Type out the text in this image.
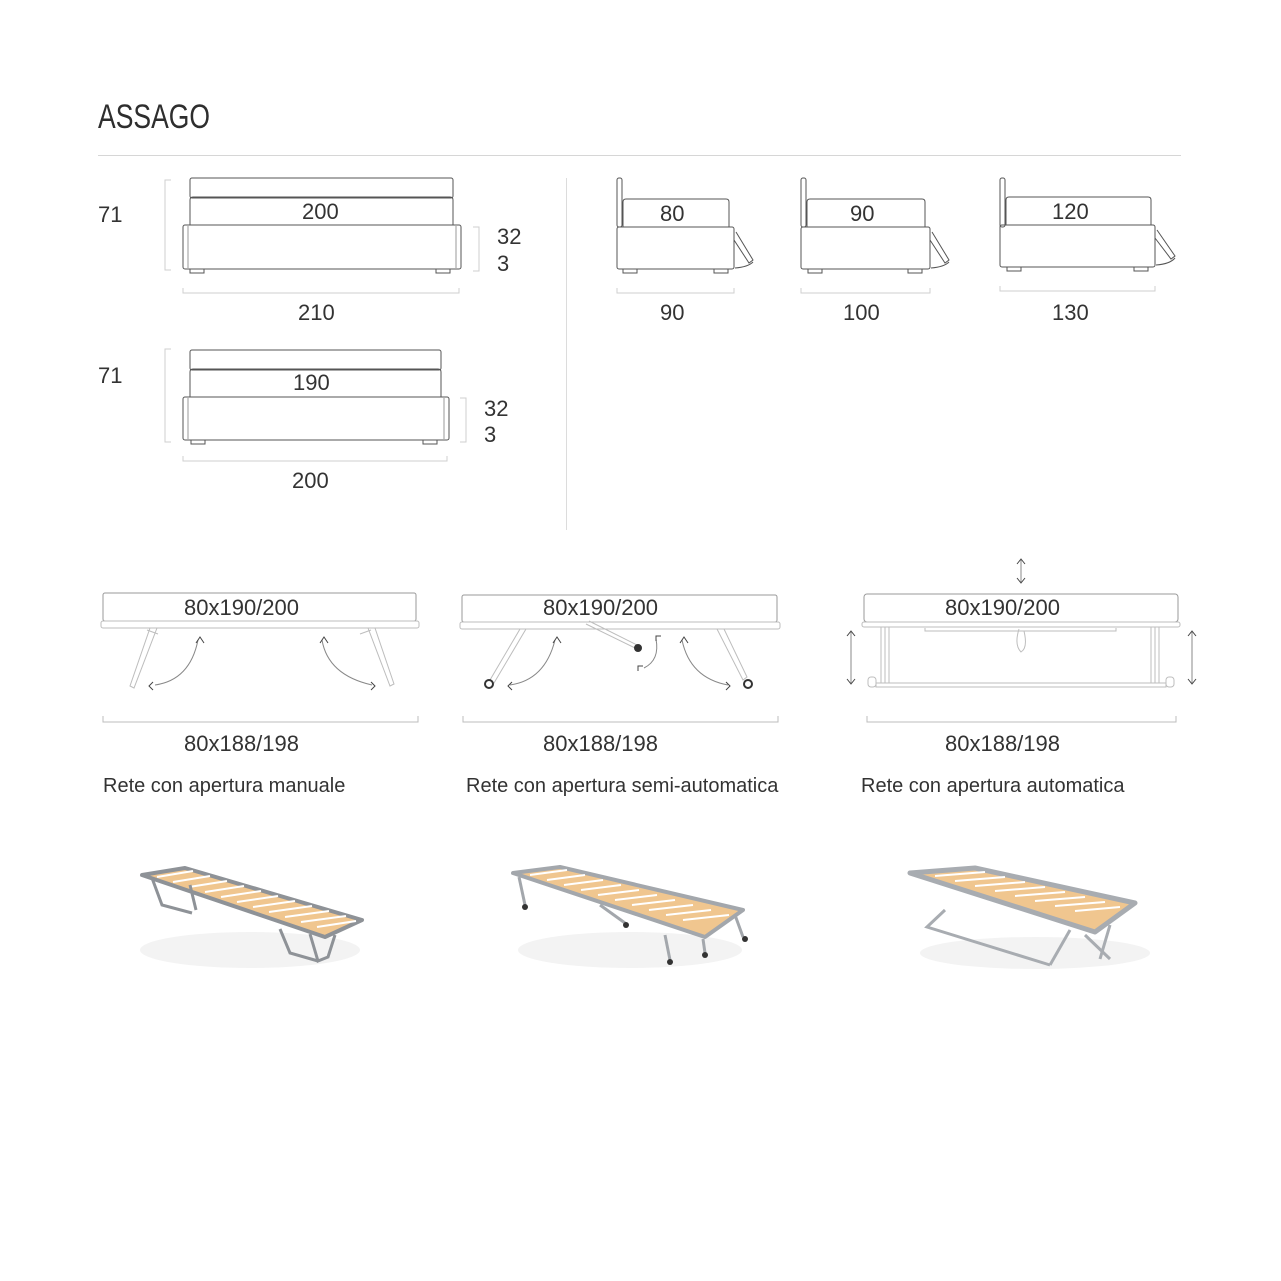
ASSAGO
71	200
32
3
210
71	190
32
3
200
80
90
90
100
120
130
80x190/200
80x188/198
Rete con apertura manuale
80x190/200
80x188/198
Rete con apertura semi-automatica
80x190/200
80x188/198
Rete con apertura automatica
